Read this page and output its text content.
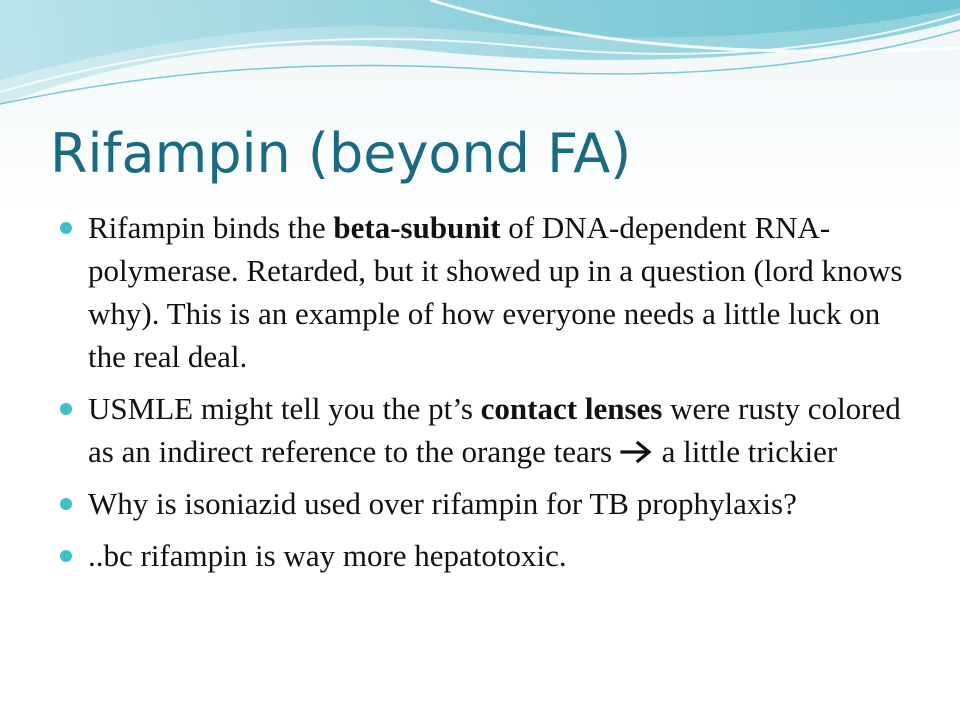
Rifampin (beyond FA)
Rifampin binds the beta-subunit of DNA-dependent RNA-polymerase. Retarded, but it showed up in a question (lord knows why). This is an example of how everyone needs a little luck on the real deal.
USMLE might tell you the pt’s contact lenses were rusty colored as an indirect reference to the orange tears  a little trickier
Why is isoniazid used over rifampin for TB prophylaxis?
..bc rifampin is way more hepatotoxic.
